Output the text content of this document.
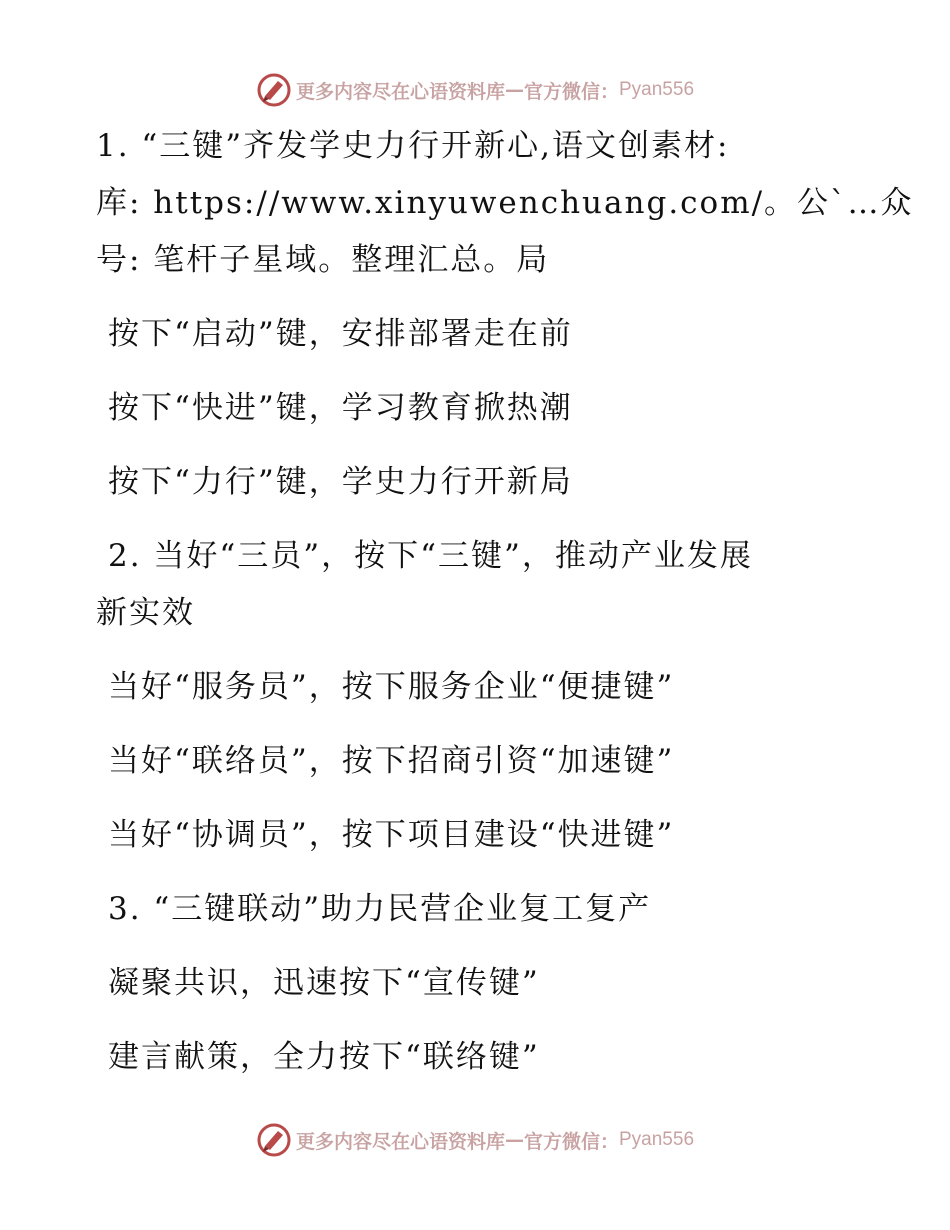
更多内容尽在心语资料库 — 官方微信： Pyan556
1. “三键”齐发学史力行开新心,语文创素材:
库: https://www.xinyuwenchuang.com/。公`…众
号: 笔杆子星域。整理汇总。局
按下“启动”键，安排部署走在前
按下“快进”键，学习教育掀热潮
按下“力行”键，学史力行开新局
2. 当好“三员”，按下“三键”，推动产业发展
新实效
当好“服务员”，按下服务企业“便捷键”
当好“联络员”，按下招商引资“加速键”
当好“协调员”，按下项目建设“快进键”
3. “三键联动”助力民营企业复工复产
凝聚共识，迅速按下“宣传键”
建言献策，全力按下“联络键”
更多内容尽在心语资料库 — 官方微信： Pyan556
